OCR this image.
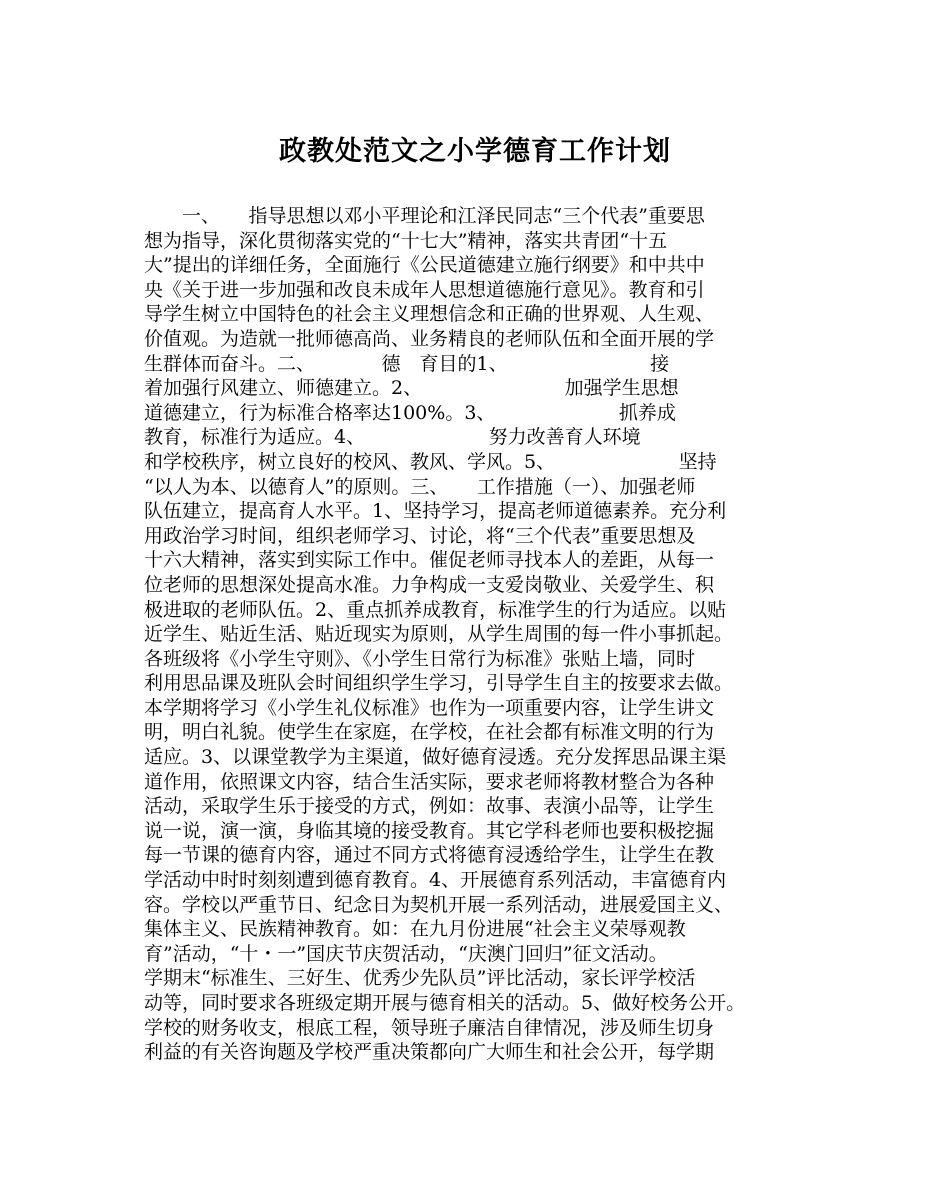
政教处范文之小学德育工作计划
　　一、　　指导思想以邓小平理论和江泽民同志“三个代表”重要思
想为指导，深化贯彻落实党的“十七大”精神，落实共青团“十五
大”提出的详细任务，全面施行《公民道德建立施行纲要》和中共中
央《关于进一步加强和改良未成年人思想道德施行意见》。教育和引
导学生树立中国特色的社会主义理想信念和正确的世界观、人生观、
价值观。为造就一批师德高尚、业务精良的老师队伍和全面开展的学
生群体而奋斗。二、　　　　德　育目的1、　　　　　　　　接
着加强行风建立、师德建立。2、　　　　　　　　加强学生思想
道德建立，行为标准合格率达100%。3、　　　　　　　抓养成
教育，标准行为适应。4、　　　　　　　努力改善育人环境
和学校秩序，树立良好的校风、教风、学风。5、　　　　　　　坚持
“以人为本、以德育人”的原则。三、　　工作措施（一）、加强老师
队伍建立，提高育人水平。1、坚持学习，提高老师道德素养。充分利
用政治学习时间，组织老师学习、讨论，将“三个代表”重要思想及
十六大精神，落实到实际工作中。催促老师寻找本人的差距，从每一
位老师的思想深处提高水准。力争构成一支爱岗敬业、关爱学生、积
极进取的老师队伍。2、重点抓养成教育，标准学生的行为适应。以贴
近学生、贴近生活、贴近现实为原则，从学生周围的每一件小事抓起。
各班级将《小学生守则》、《小学生日常行为标准》张贴上墙，同时
利用思品课及班队会时间组织学生学习，引导学生自主的按要求去做。
本学期将学习《小学生礼仪标准》也作为一项重要内容，让学生讲文
明，明白礼貌。使学生在家庭，在学校，在社会都有标准文明的行为
适应。3、以课堂教学为主渠道，做好德育浸透。充分发挥思品课主渠
道作用，依照课文内容，结合生活实际，要求老师将教材整合为各种
活动，采取学生乐于接受的方式，例如：故事、表演小品等，让学生
说一说，演一演，身临其境的接受教育。其它学科老师也要积极挖掘
每一节课的德育内容，通过不同方式将德育浸透给学生，让学生在教
学活动中时时刻刻遭到德育教育。4、开展德育系列活动，丰富德育内
容。学校以严重节日、纪念日为契机开展一系列活动，进展爱国主义、
集体主义、民族精神教育。如：在九月份进展“社会主义荣辱观教
育”活动，“十・一”国庆节庆贺活动，“庆澳门回归”征文活动。
学期末“标准生、三好生、优秀少先队员”评比活动，家长评学校活
动等，同时要求各班级定期开展与德育相关的活动。5、做好校务公开。
学校的财务收支，根底工程，领导班子廉洁自律情况，涉及师生切身
利益的有关咨询题及学校严重决策都向广大师生和社会公开，每学期
